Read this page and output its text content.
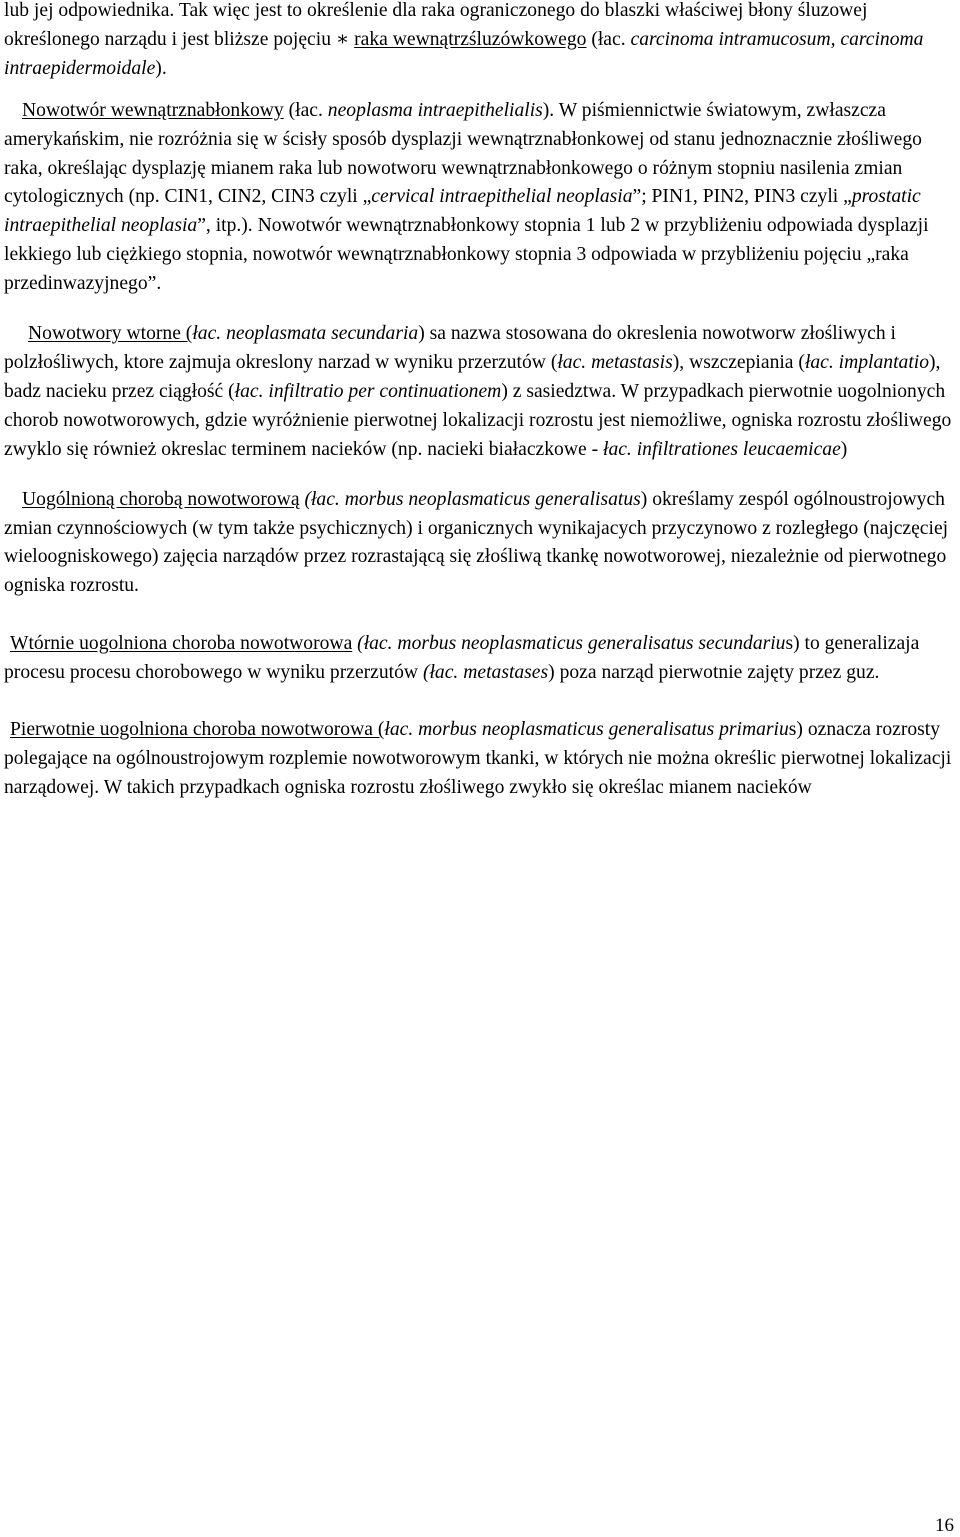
lub jej odpowiednika. Tak więc jest to określenie dla raka ograniczonego do blaszki właściwej błony śluzowej określonego narządu i jest bliższe pojęciu ∗ raka wewnątrzśluzówkowego (łac. carcinoma intramucosum, carcinoma intraepidermoidale).

Nowotwór wewnątrznabłonkowy (łac. neoplasma intraepithelialis). W piśmiennictwie światowym, zwłaszcza amerykańskim, nie rozróżnia się w ścisły sposób dysplazji wewnątrznabłonkowej od stanu jednoznacznie złośliwego raka, określając dysplazję mianem raka lub nowotworu wewnątrznabłonkowego o różnym stopniu nasilenia zmian cytologicznych (np. CIN1, CIN2, CIN3 czyli „cervical intraepithelial neoplasia”; PIN1, PIN2, PIN3 czyli „prostatic intraepithelial neoplasia”, itp.). Nowotwór wewnątrznabłonkowy stopnia 1 lub 2 w przybliżeniu odpowiada dysplazji lekkiego lub ciężkiego stopnia, nowotwór wewnątrznabłonkowy stopnia 3 odpowiada w przybliżeniu pojęciu „raka przedinwazyjnego”.

Nowotwory wtorne (łac. neoplasmata secundaria) sa nazwa stosowana do okreslenia nowotworw złośliwych i polzłośliwych, ktore zajmuja okreslony narzad w wyniku przerzutów (łac. metastasis), wszczepiania (łac. implantatio), badz nacieku przez ciągłość (łac. infiltratio per continuationem) z sasiedztwa. W przypadkach pierwotnie uogolnionych chorob nowotworowych, gdzie wyróżnienie pierwotnej lokalizacji rozrostu jest niemożliwe, ogniska rozrostu złośliwego zwyklo się również okreslac terminem nacieków (np. nacieki białaczkowe - łac. infiltrationes leucaemicae)

Uogólnioną chorobą nowotworową (łac. morbus neoplasmaticus generalisatus) określamy zespól ogólnoustrojowych zmian czynnościowych (w tym także psychicznych) i organicznych wynikajacych przyczynowo z rozległego (najczęciej wieloogniskowego) zajęcia narządów przez rozrastającą się złośliwą tkankę nowotworowej, niezależnie od pierwotnego ogniska rozrostu.

Wtórnie uogolniona choroba nowotworowa (łac. morbus neoplasmaticus generalisatus secundarius) to generalizaja procesu procesu chorobowego w wyniku przerzutów (łac. metastases) poza narząd pierwotnie zajęty przez guz.

Pierwotnie uogolniona choroba nowotworowa (łac. morbus neoplasmaticus generalisatus primarius) oznacza rozrosty polegające na ogólnoustrojowym rozplemie nowotworowym tkanki, w których nie można określic pierwotnej lokalizacji narządowej. W takich przypadkach ogniska rozrostu złośliwego zwykło się określac mianem nacieków

16
